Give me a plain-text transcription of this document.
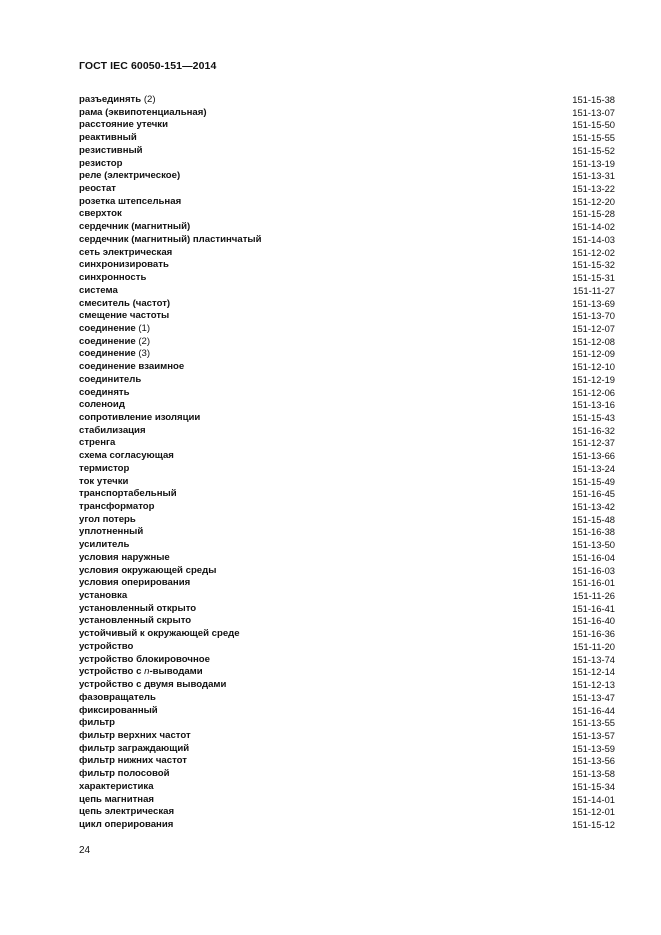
ГОСТ IEC 60050-151—2014
разъединять (2)	151-15-38
рама (эквипотенциальная)	151-13-07
расстояние утечки	151-15-50
реактивный	151-15-55
резистивный	151-15-52
резистор	151-13-19
реле (электрическое)	151-13-31
реостат	151-13-22
розетка штепсельная	151-12-20
сверхток	151-15-28
сердечник (магнитный)	151-14-02
сердечник (магнитный) пластинчатый	151-14-03
сеть электрическая	151-12-02
синхронизировать	151-15-32
синхронность	151-15-31
система	151-11-27
смеситель (частот)	151-13-69
смещение частоты	151-13-70
соединение (1)	151-12-07
соединение (2)	151-12-08
соединение (3)	151-12-09
соединение взаимное	151-12-10
соединитель	151-12-19
соединять	151-12-06
соленоид	151-13-16
сопротивление изоляции	151-15-43
стабилизация	151-16-32
стренга	151-12-37
схема согласующая	151-13-66
термистор	151-13-24
ток утечки	151-15-49
транспортабельный	151-16-45
трансформатор	151-13-42
угол потерь	151-15-48
уплотненный	151-16-38
усилитель	151-13-50
условия наружные	151-16-04
условия окружающей среды	151-16-03
условия оперирования	151-16-01
установка	151-11-26
установленный открыто	151-16-41
установленный скрыто	151-16-40
устойчивый к окружающей среде	151-16-36
устройство	151-11-20
устройство блокировочное	151-13-74
устройство с n-выводами	151-12-14
устройство с двумя выводами	151-12-13
фазовращатель	151-13-47
фиксированный	151-16-44
фильтр	151-13-55
фильтр верхних частот	151-13-57
фильтр заграждающий	151-13-59
фильтр нижних частот	151-13-56
фильтр полосовой	151-13-58
характеристика	151-15-34
цепь магнитная	151-14-01
цепь электрическая	151-12-01
цикл оперирования	151-15-12
24
